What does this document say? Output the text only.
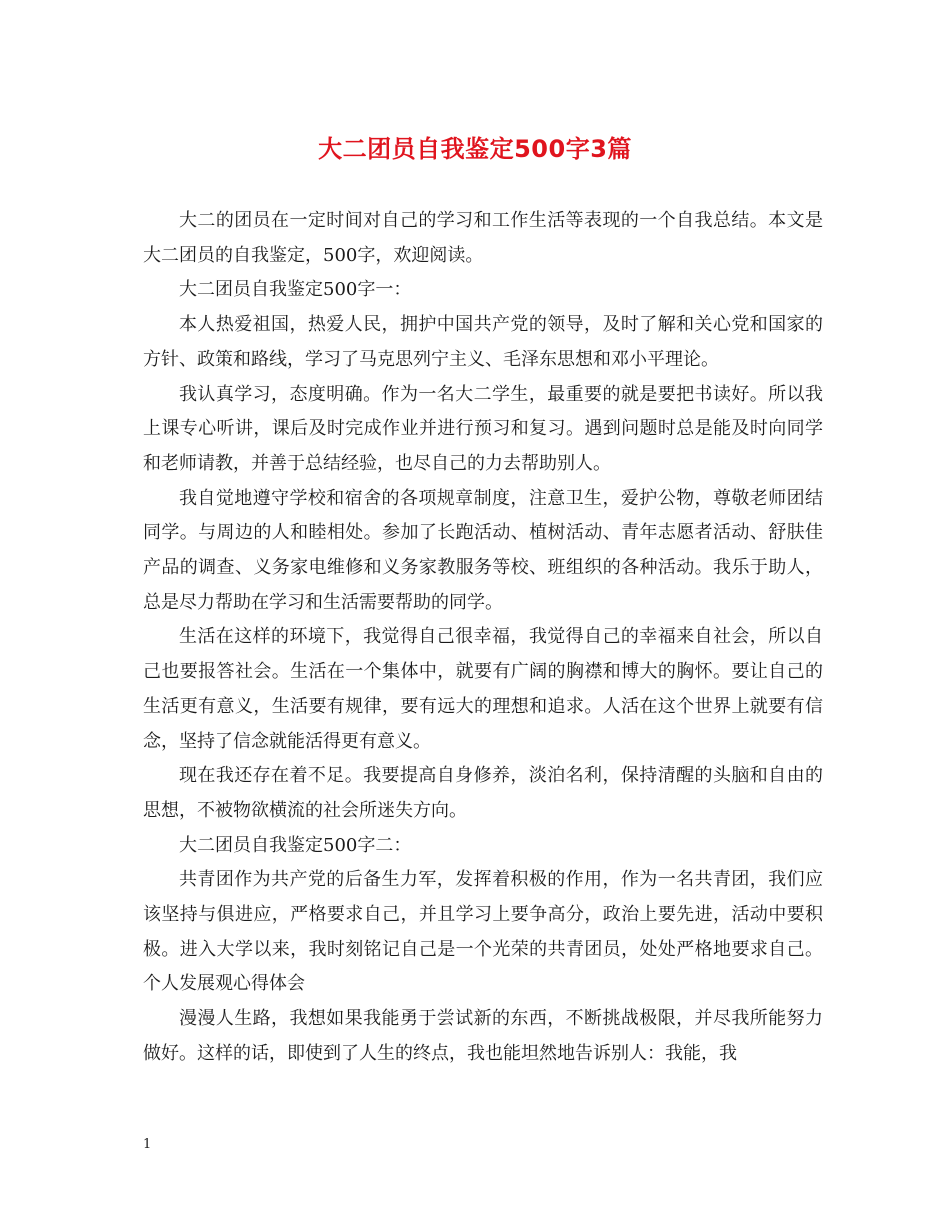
大二团员自我鉴定500字3篇

大二的团员在一定时间对自己的学习和工作生活等表现的一个自我总结。本文是大二团员的自我鉴定，500字，欢迎阅读。

大二团员自我鉴定500字一：

本人热爱祖国，热爱人民，拥护中国共产党的领导，及时了解和关心党和国家的方针、政策和路线，学习了马克思列宁主义、毛泽东思想和邓小平理论。

我认真学习，态度明确。作为一名大二学生，最重要的就是要把书读好。所以我上课专心听讲，课后及时完成作业并进行预习和复习。遇到问题时总是能及时向同学和老师请教，并善于总结经验，也尽自己的力去帮助别人。

我自觉地遵守学校和宿舍的各项规章制度，注意卫生，爱护公物，尊敬老师团结同学。与周边的人和睦相处。参加了长跑活动、植树活动、青年志愿者活动、舒肤佳产品的调查、义务家电维修和义务家教服务等校、班组织的各种活动。我乐于助人，总是尽力帮助在学习和生活需要帮助的同学。

生活在这样的环境下，我觉得自己很幸福，我觉得自己的幸福来自社会，所以自己也要报答社会。生活在一个集体中，就要有广阔的胸襟和博大的胸怀。要让自己的生活更有意义，生活要有规律，要有远大的理想和追求。人活在这个世界上就要有信念，坚持了信念就能活得更有意义。

现在我还存在着不足。我要提高自身修养，淡泊名利，保持清醒的头脑和自由的思想，不被物欲横流的社会所迷失方向。

大二团员自我鉴定500字二：

共青团作为共产党的后备生力军，发挥着积极的作用，作为一名共青团，我们应该坚持与俱进应，严格要求自己，并且学习上要争高分，政治上要先进，活动中要积极。进入大学以来，我时刻铭记自己是一个光荣的共青团员，处处严格地要求自己。个人发展观心得体会

漫漫人生路，我想如果我能勇于尝试新的东西，不断挑战极限，并尽我所能努力做好。这样的话，即使到了人生的终点，我也能坦然地告诉别人：我能，我

1
